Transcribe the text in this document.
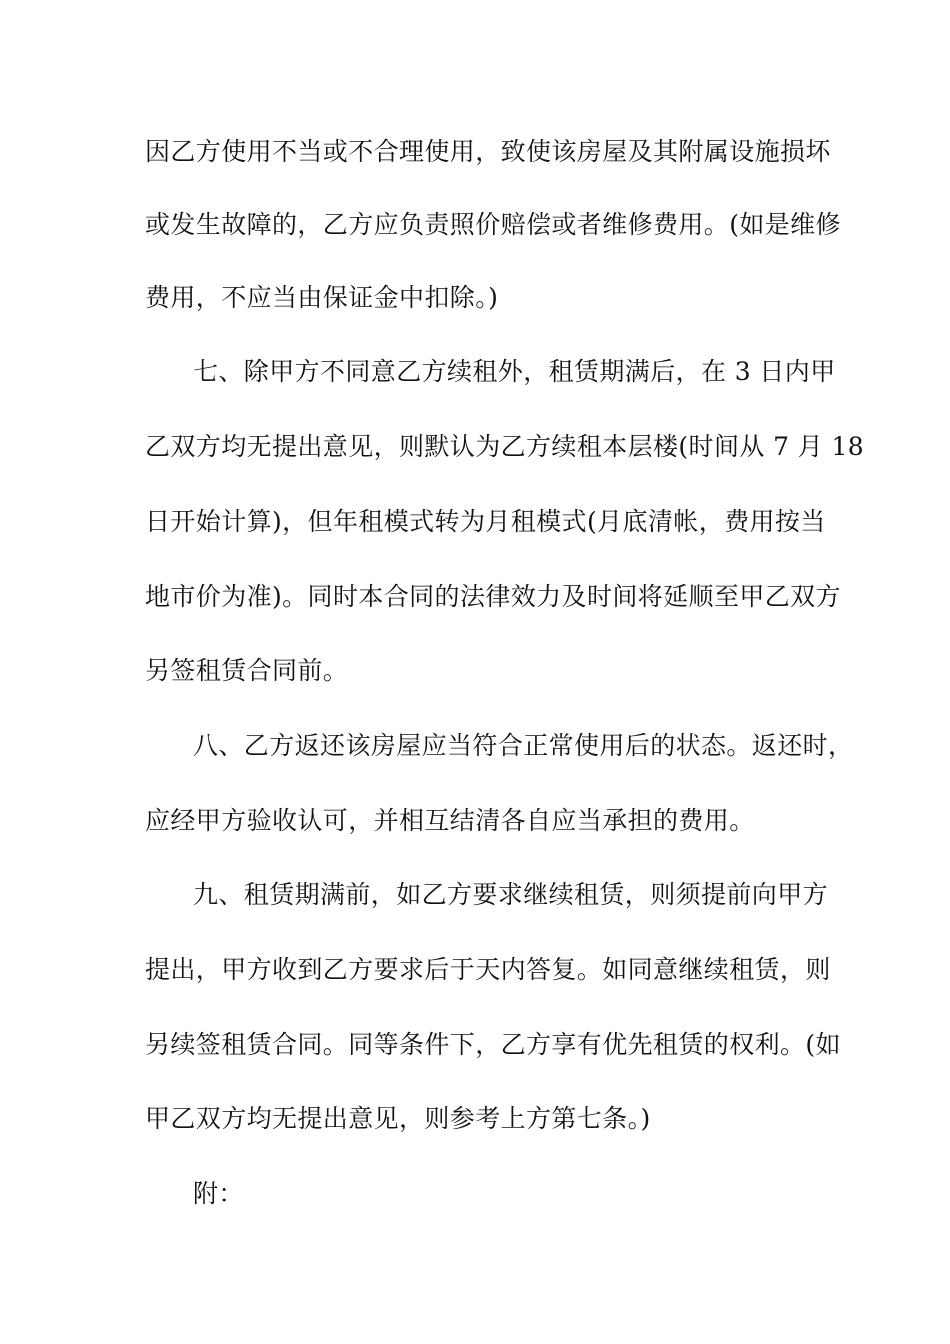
因乙方使用不当或不合理使用，致使该房屋及其附属设施损坏
或发生故障的，乙方应负责照价赔偿或者维修费用。(如是维修
费用，不应当由保证金中扣除。)
七、除甲方不同意乙方续租外，租赁期满后，在 3 日内甲
乙双方均无提出意见，则默认为乙方续租本层楼(时间从 7 月 18
日开始计算)，但年租模式转为月租模式(月底清帐，费用按当
地市价为准)。同时本合同的法律效力及时间将延顺至甲乙双方
另签租赁合同前。
八、乙方返还该房屋应当符合正常使用后的状态。返还时，
应经甲方验收认可，并相互结清各自应当承担的费用。
九、租赁期满前，如乙方要求继续租赁，则须提前向甲方
提出，甲方收到乙方要求后于天内答复。如同意继续租赁，则
另续签租赁合同。同等条件下，乙方享有优先租赁的权利。(如
甲乙双方均无提出意见，则参考上方第七条。)
附：
